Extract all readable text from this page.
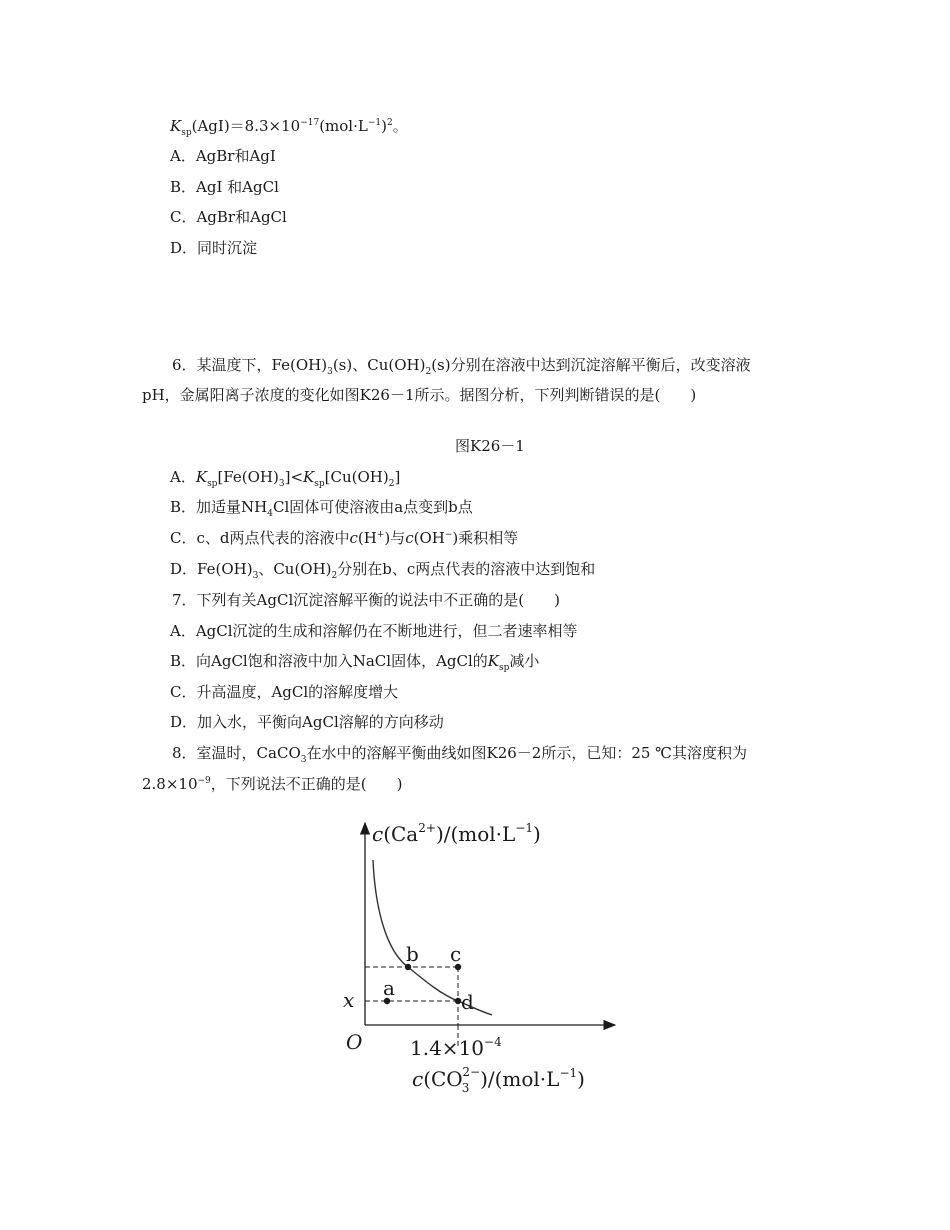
$K_{sp}(AgI)=8.3\times 10^{-17}(mol\cdot L^{-1})^2$。
A．AgBr和AgI
B．AgI 和AgCl
C．AgBr和AgCl
D．同时沉淀
6．某温度下，$Fe(OH)_3(s)$、$Cu(OH)_2(s)$分别在溶液中达到沉淀溶解平衡后，改变溶液
pH，金属阳离子浓度的变化如图K26－1所示。据图分析，下列判断错误的是(　　)
图K26－1
A．$K_{sp}[Fe(OH)_3]<K_{sp}[Cu(OH)_2]$
B．加适量$NH_4Cl$固体可使溶液由a点变到b点
C．c、d两点代表的溶液中c(H+)与c(OH−)乘积相等
D．$Fe(OH)_3$、$Cu(OH)_2$分别在b、c两点代表的溶液中达到饱和
7．下列有关AgCl沉淀溶解平衡的说法中不正确的是(　　)
A．AgCl沉淀的生成和溶解仍在不断地进行，但二者速率相等
B．向AgCl饱和溶液中加入NaCl固体，AgCl的$K_{sp}$减小
C．升高温度，AgCl的溶解度增大
D．加入水，平衡向AgCl溶解的方向移动
8．室温时，CaCO$_3$在水中的溶解平衡曲线如图K26－2所示，已知：25 ℃其溶度积为
$2.8\times 10^{-9}$，下列说法不正确的是(　　)
$c(Ca^{2+})/(mol\cdot L^{-1})$
a
b c
d
x
O $1.4\times 10^{-4}$
$c(CO32-)/(mol\cdot L^{-1})$
